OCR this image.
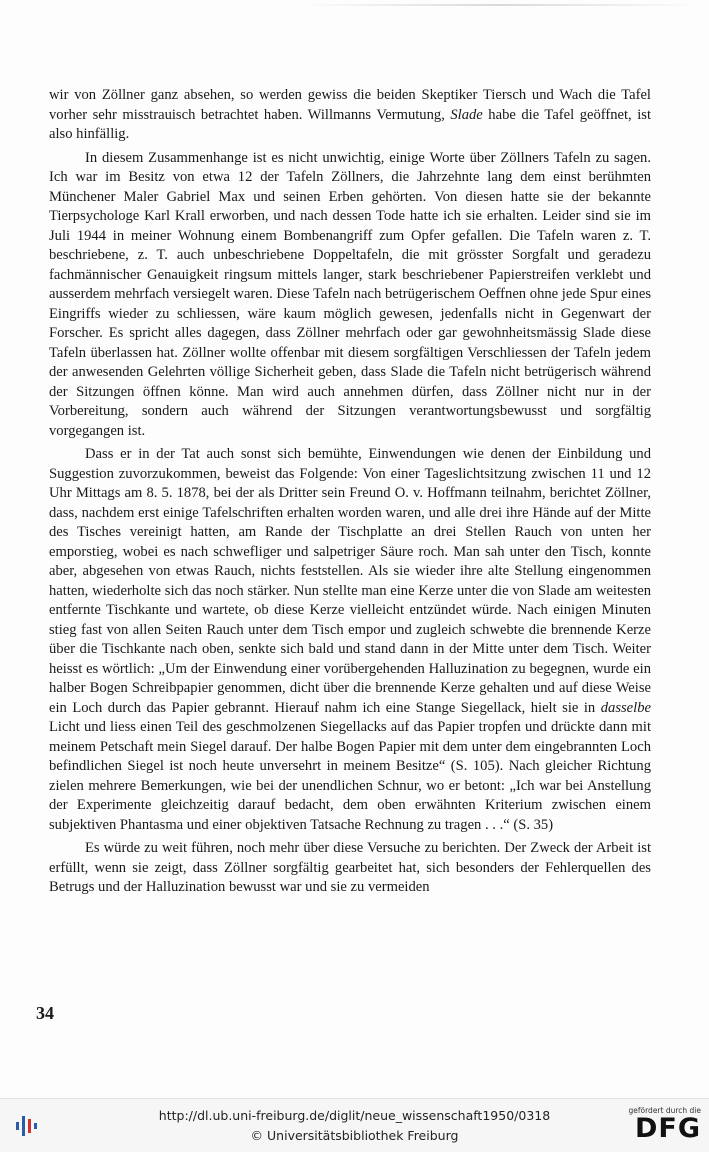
wir von Zöllner ganz absehen, so werden gewiss die beiden Skeptiker Tiersch und Wach die Tafel vorher sehr misstrauisch betrachtet haben. Willmanns Vermutung, Slade habe die Tafel geöffnet, ist also hinfällig.

In diesem Zusammenhange ist es nicht unwichtig, einige Worte über Zöllners Tafeln zu sagen. Ich war im Besitz von etwa 12 der Tafeln Zöllners, die Jahrzehnte lang dem einst berühmten Münchener Maler Gabriel Max und seinen Erben gehörten. Von diesen hatte sie der bekannte Tierpsychologe Karl Krall erworben, und nach dessen Tode hatte ich sie erhalten. Leider sind sie im Juli 1944 in meiner Wohnung einem Bombenangriff zum Opfer gefallen. Die Tafeln waren z. T. beschriebene, z. T. auch unbeschriebene Doppeltafeln, die mit grösster Sorgfalt und geradezu fachmännischer Genauigkeit ringsum mittels langer, stark beschriebener Papierstreifen verklebt und ausserdem mehrfach versiegelt waren. Diese Tafeln nach betrügerischem Oeffnen ohne jede Spur eines Eingriffs wieder zu schliessen, wäre kaum möglich gewesen, jedenfalls nicht in Gegenwart der Forscher. Es spricht alles dagegen, dass Zöllner mehrfach oder gar gewohnheitsmässig Slade diese Tafeln überlassen hat. Zöllner wollte offenbar mit diesem sorgfältigen Verschliessen der Tafeln jedem der anwesenden Gelehrten völlige Sicherheit geben, dass Slade die Tafeln nicht betrügerisch während der Sitzungen öffnen könne. Man wird auch annehmen dürfen, dass Zöllner nicht nur in der Vorbereitung, sondern auch während der Sitzungen verantwortungsbewusst und sorgfältig vorgegangen ist.

Dass er in der Tat auch sonst sich bemühte, Einwendungen wie denen der Einbildung und Suggestion zuvorzukommen, beweist das Folgende: Von einer Tageslichtsitzung zwischen 11 und 12 Uhr Mittags am 8. 5. 1878, bei der als Dritter sein Freund O. v. Hoffmann teilnahm, berichtet Zöllner, dass, nachdem erst einige Tafelschriften erhalten worden waren, und alle drei ihre Hände auf der Mitte des Tisches vereinigt hatten, am Rande der Tischplatte an drei Stellen Rauch von unten her emporstieg, wobei es nach schwefliger und salpetriger Säure roch. Man sah unter den Tisch, konnte aber, abgesehen von etwas Rauch, nichts feststellen. Als sie wieder ihre alte Stellung eingenommen hatten, wiederholte sich das noch stärker. Nun stellte man eine Kerze unter die von Slade am weitesten entfernte Tischkante und wartete, ob diese Kerze vielleicht entzündet würde. Nach einigen Minuten stieg fast von allen Seiten Rauch unter dem Tisch empor und zugleich schwebte die brennende Kerze über die Tischkante nach oben, senkte sich bald und stand dann in der Mitte unter dem Tisch. Weiter heisst es wörtlich: „Um der Einwendung einer vorübergehenden Halluzination zu begegnen, wurde ein halber Bogen Schreibpapier genommen, dicht über die brennende Kerze gehalten und auf diese Weise ein Loch durch das Papier gebrannt. Hierauf nahm ich eine Stange Siegellack, hielt sie in dasselbe Licht und liess einen Teil des geschmolzenen Siegellacks auf das Papier tropfen und drückte dann mit meinem Petschaft mein Siegel darauf. Der halbe Bogen Papier mit dem unter dem eingebrannten Loch befindlichen Siegel ist noch heute unversehrt in meinem Besitze“ (S. 105). Nach gleicher Richtung zielen mehrere Bemerkungen, wie bei der unendlichen Schnur, wo er betont: „Ich war bei Anstellung der Experimente gleichzeitig darauf bedacht, dem oben erwähnten Kriterium zwischen einem subjektiven Phantasma und einer objektiven Tatsache Rechnung zu tragen . . .“ (S. 35)

Es würde zu weit führen, noch mehr über diese Versuche zu berichten. Der Zweck der Arbeit ist erfüllt, wenn sie zeigt, dass Zöllner sorgfältig gearbeitet hat, sich besonders der Fehlerquellen des Betrugs und der Halluzination bewusst war und sie zu vermeiden

34
http://dl.ub.uni-freiburg.de/diglit/neue_wissenschaft1950/0318
© Universitätsbibliothek Freiburg
gefördert durch die
DFG
